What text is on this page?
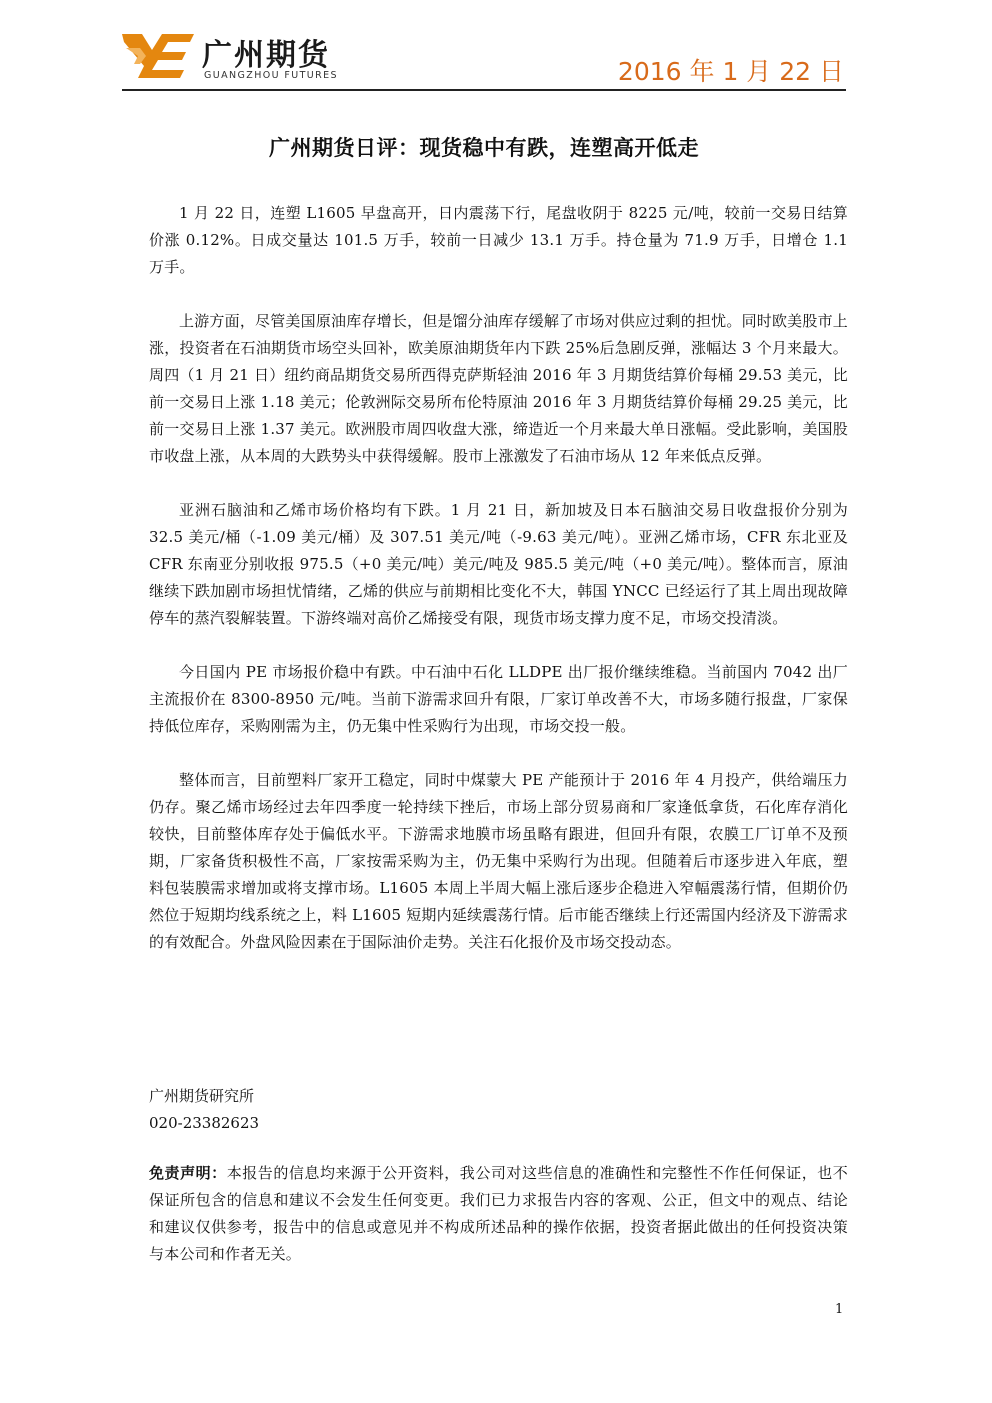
广州期货
GUANGZHOU FUTURES	2016 年 1 月 22 日
广州期货日评：现货稳中有跌，连塑高开低走

1 月 22 日，连塑 L1605 早盘高开，日内震荡下行，尾盘收阴于 8225 元/吨，较前一交易日结算价涨 0.12%。日成交量达 101.5 万手，较前一日减少 13.1 万手。持仓量为 71.9 万手，日增仓 1.1 万手。

上游方面，尽管美国原油库存增长，但是馏分油库存缓解了市场对供应过剩的担忧。同时欧美股市上涨，投资者在石油期货市场空头回补，欧美原油期货年内下跌 25%后急剧反弹，涨幅达 3 个月来最大。周四（1 月 21 日）纽约商品期货交易所西得克萨斯轻油 2016 年 3 月期货结算价每桶 29.53 美元，比前一交易日上涨 1.18 美元；伦敦洲际交易所布伦特原油 2016 年 3 月期货结算价每桶 29.25 美元，比前一交易日上涨 1.37 美元。欧洲股市周四收盘大涨，缔造近一个月来最大单日涨幅。受此影响，美国股市收盘上涨，从本周的大跌势头中获得缓解。股市上涨激发了石油市场从 12 年来低点反弹。

亚洲石脑油和乙烯市场价格均有下跌。1 月 21 日，新加坡及日本石脑油交易日收盘报价分别为 32.5 美元/桶（-1.09 美元/桶）及 307.51 美元/吨（-9.63 美元/吨）。亚洲乙烯市场，CFR 东北亚及 CFR 东南亚分别收报 975.5（+0 美元/吨）美元/吨及 985.5 美元/吨（+0 美元/吨）。整体而言，原油继续下跌加剧市场担忧情绪，乙烯的供应与前期相比变化不大，韩国 YNCC 已经运行了其上周出现故障停车的蒸汽裂解装置。下游终端对高价乙烯接受有限，现货市场支撑力度不足，市场交投清淡。

今日国内 PE 市场报价稳中有跌。中石油中石化 LLDPE 出厂报价继续维稳。当前国内 7042 出厂主流报价在 8300-8950 元/吨。当前下游需求回升有限，厂家订单改善不大，市场多随行报盘，厂家保持低位库存，采购刚需为主，仍无集中性采购行为出现，市场交投一般。

整体而言，目前塑料厂家开工稳定，同时中煤蒙大 PE 产能预计于 2016 年 4 月投产，供给端压力仍存。聚乙烯市场经过去年四季度一轮持续下挫后，市场上部分贸易商和厂家逢低拿货，石化库存消化较快，目前整体库存处于偏低水平。下游需求地膜市场虽略有跟进，但回升有限，农膜工厂订单不及预期，厂家备货积极性不高，厂家按需采购为主，仍无集中采购行为出现。但随着后市逐步进入年底，塑料包装膜需求增加或将支撑市场。L1605 本周上半周大幅上涨后逐步企稳进入窄幅震荡行情，但期价仍然位于短期均线系统之上，料 L1605 短期内延续震荡行情。后市能否继续上行还需国内经济及下游需求的有效配合。外盘风险因素在于国际油价走势。关注石化报价及市场交投动态。

广州期货研究所
020-23382623
免责声明：本报告的信息均来源于公开资料，我公司对这些信息的准确性和完整性不作任何保证，也不保证所包含的信息和建议不会发生任何变更。我们已力求报告内容的客观、公正，但文中的观点、结论和建议仅供参考，报告中的信息或意见并不构成所述品种的操作依据，投资者据此做出的任何投资决策与本公司和作者无关。
1
